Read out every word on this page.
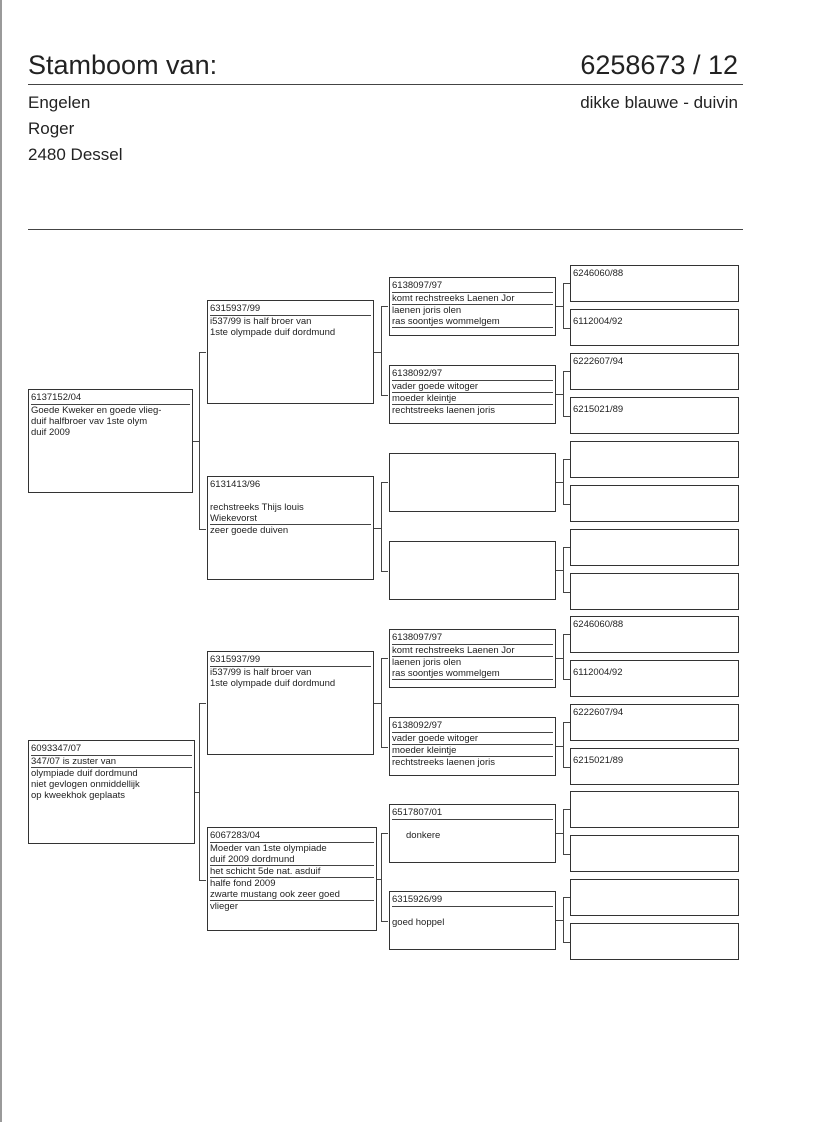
Stamboom van:	6258673 / 12
Engelen
Roger
2480 Dessel
dikke blauwe - duivin
6137152/04
Goede Kweker en goede vlieg-
duif halfbroer vav 1ste olym
duif 2009
6093347/07
347/07 is zuster van
olympiade duif dordmund
niet gevlogen onmiddellijk
op kweekhok geplaats
6315937/99
i537/99 is half broer van
1ste olympade duif dordmund
6131413/96
rechstreeks Thijs louis
Wiekevorst
zeer goede duiven
6315937/99
i537/99 is half broer van
1ste olympade duif dordmund
6067283/04
Moeder van 1ste olympiade
duif 2009 dordmund
het schicht 5de nat. asduif
halfe fond 2009
zwarte mustang ook zeer goed
vlieger
6138097/97
komt rechstreeks Laenen Jor
laenen joris olen
ras soontjes wommelgem
6138092/97
vader goede witoger
moeder kleintje
rechtstreeks laenen joris
6138097/97
komt rechstreeks Laenen Jor
laenen joris olen
ras soontjes wommelgem
6138092/97
vader goede witoger
moeder kleintje
rechtstreeks laenen joris
6517807/01
donkere
6315926/99
goed hoppel
6246060/88
6112004/92
6222607/94
6215021/89
6246060/88
6112004/92
6222607/94
6215021/89
